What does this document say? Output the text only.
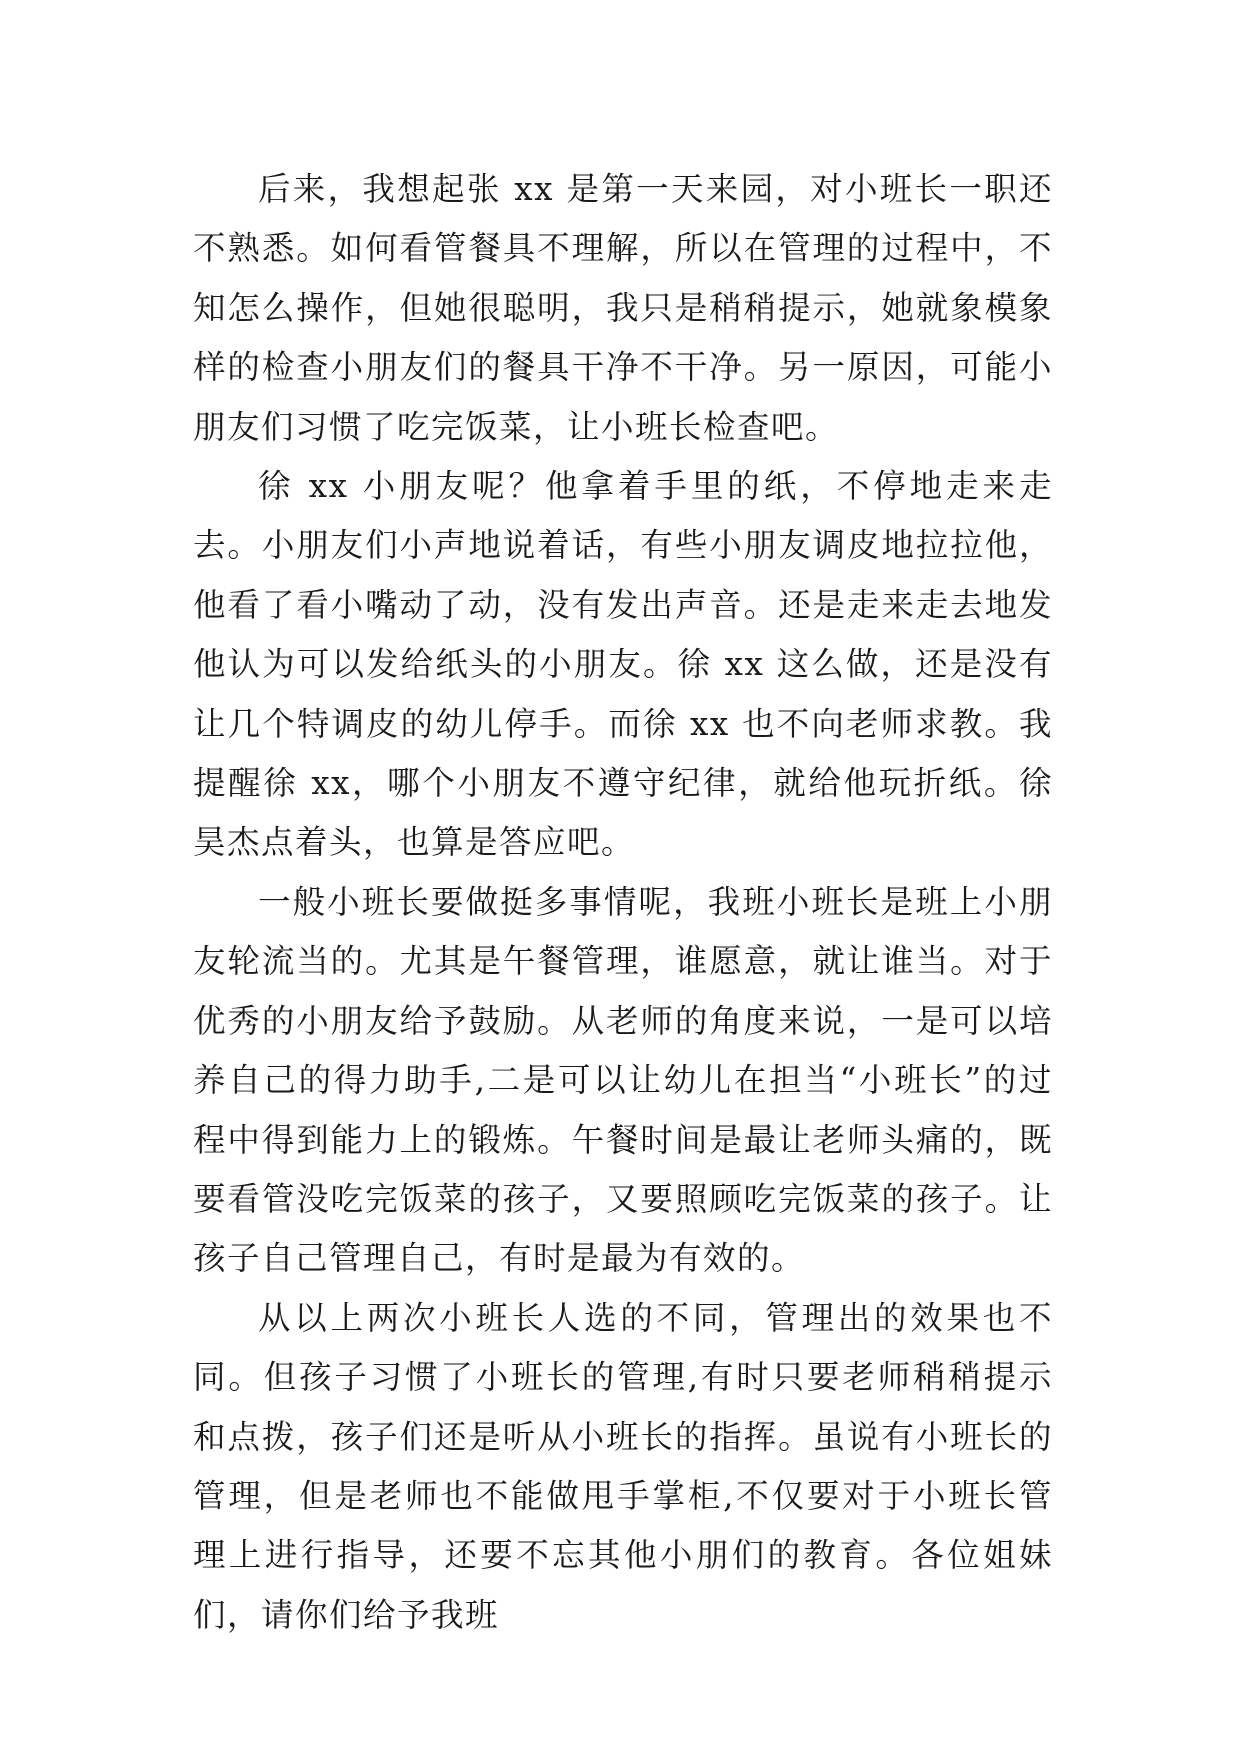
后来，我想起张 xx 是第一天来园，对小班长一职还不熟悉。如何看管餐具不理解，所以在管理的过程中，不知怎么操作，但她很聪明，我只是稍稍提示，她就象模象样的检查小朋友们的餐具干净不干净。另一原因，可能小朋友们习惯了吃完饭菜，让小班长检查吧。

徐 xx 小朋友呢？他拿着手里的纸，不停地走来走去。小朋友们小声地说着话，有些小朋友调皮地拉拉他，他看了看小嘴动了动，没有发出声音。还是走来走去地发他认为可以发给纸头的小朋友。徐 xx 这么做，还是没有让几个特调皮的幼儿停手。而徐 xx 也不向老师求教。我提醒徐 xx，哪个小朋友不遵守纪律，就给他玩折纸。徐昊杰点着头，也算是答应吧。

一般小班长要做挺多事情呢，我班小班长是班上小朋友轮流当的。尤其是午餐管理，谁愿意，就让谁当。对于优秀的小朋友给予鼓励。从老师的角度来说，一是可以培养自己的得力助手,二是可以让幼儿在担当“小班长”的过程中得到能力上的锻炼。午餐时间是最让老师头痛的，既要看管没吃完饭菜的孩子，又要照顾吃完饭菜的孩子。让孩子自己管理自己，有时是最为有效的。

从以上两次小班长人选的不同，管理出的效果也不同。但孩子习惯了小班长的管理,有时只要老师稍稍提示和点拨，孩子们还是听从小班长的指挥。虽说有小班长的管理，但是老师也不能做甩手掌柜,不仅要对于小班长管理上进行指导，还要不忘其他小朋们的教育。各位姐妹们，请你们给予我班
